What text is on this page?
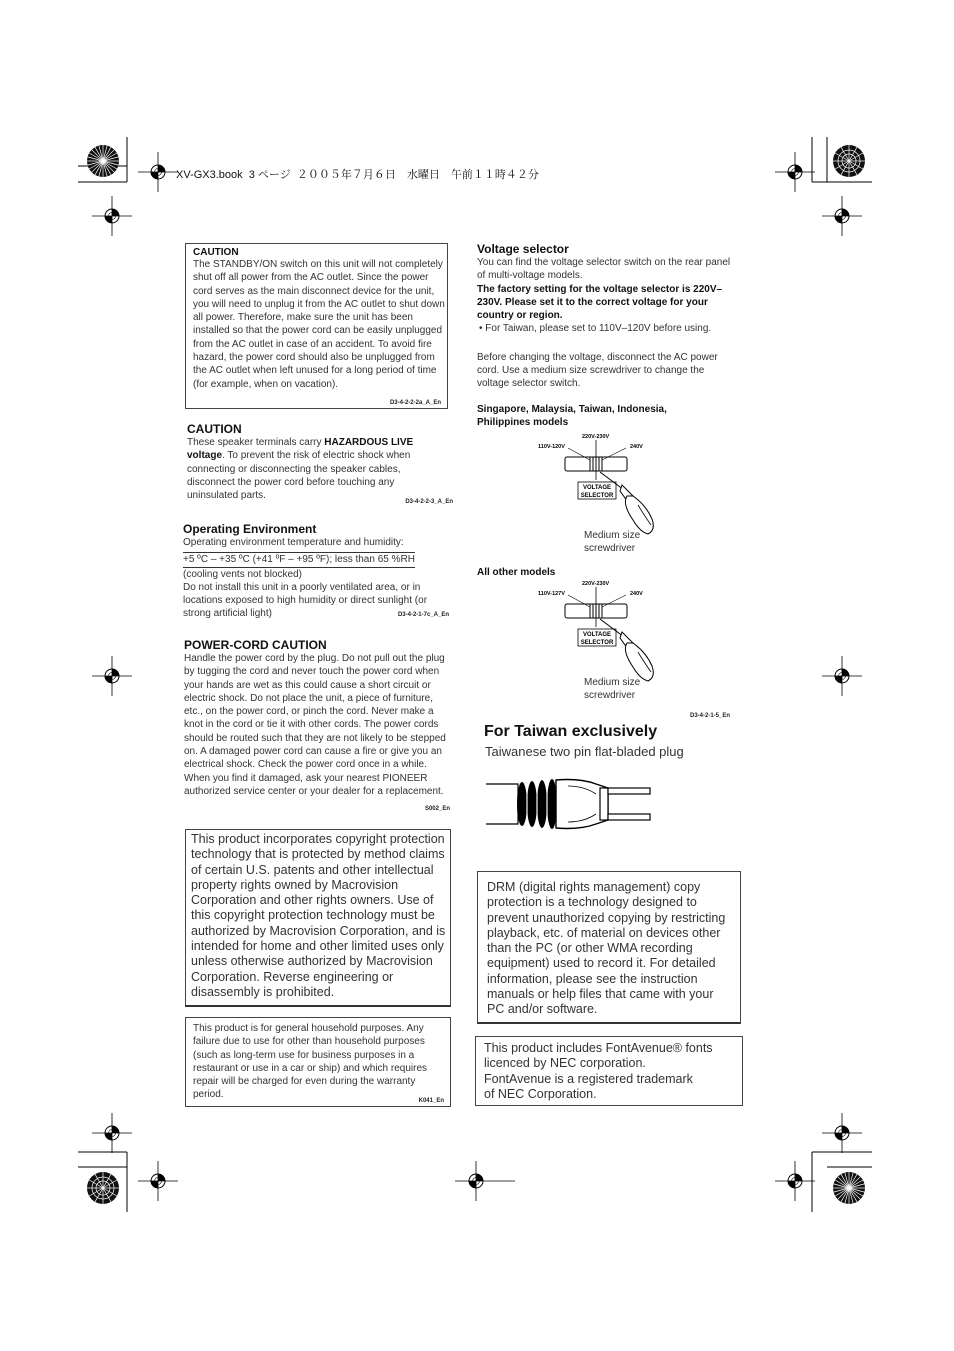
XV-GX3.book  3 ページ  ２００５年７月６日　水曜日　午前１１時４２分
CAUTION
The STANDBY/ON switch on this unit will not completely shut off all power from the AC outlet. Since the power cord serves as the main disconnect device for the unit, you will need to unplug it from the AC outlet to shut down all power. Therefore, make sure the unit has been installed so that the power cord can be easily unplugged from the AC outlet in case of an accident. To avoid fire hazard, the power cord should also be unplugged from the AC outlet when left unused for a long period of time (for example, when on vacation).
D3-4-2-2-2a_A_En
CAUTION
These speaker terminals carry HAZARDOUS LIVE voltage. To prevent the risk of electric shock when connecting or disconnecting the speaker cables, disconnect the power cord before touching any uninsulated parts.
D3-4-2-2-3_A_En
Operating Environment
Operating environment temperature and humidity:
+5 ºC – +35 ºC (+41 ºF – +95 ºF); less than 65 %RH
(cooling vents not blocked)
Do not install this unit in a poorly ventilated area, or in locations exposed to high humidity or direct sunlight (or strong artificial light)	D3-4-2-1-7c_A_En
POWER-CORD CAUTION
Handle the power cord by the plug. Do not pull out the plug by tugging the cord and never touch the power cord when your hands are wet as this could cause a short circuit or electric shock. Do not place the unit, a piece of furniture, etc., on the power cord, or pinch the cord. Never make a knot in the cord or tie it with other cords. The power cords should be routed such that they are not likely to be stepped on. A damaged power cord can cause a fire or give you an electrical shock. Check the power cord once in a while. When you find it damaged, ask your nearest PIONEER authorized service center or your dealer for a replacement.
S002_En
This product incorporates copyright protection technology that is protected by method claims of certain U.S. patents and other intellectual property rights owned by Macrovision Corporation and other rights owners. Use of this copyright protection technology must be authorized by Macrovision Corporation, and is intended for home and other limited uses only unless otherwise authorized by Macrovision Corporation. Reverse engineering or disassembly is prohibited.
This product is for general household purposes. Any failure due to use for other than household purposes (such as long-term use for business purposes in a restaurant or use in a car or ship) and which requires repair will be charged for even during the warranty period.
K041_En
Voltage selector
You can find the voltage selector switch on the rear panel of multi-voltage models.
The factory setting for the voltage selector is 220V–230V. Please set it to the correct voltage for your country or region.
• For Taiwan, please set to 110V–120V before using.
Before changing the voltage, disconnect the AC power cord. Use a medium size screwdriver to change the voltage selector switch.
Singapore, Malaysia, Taiwan, Indonesia, Philippines models
110V-120V
220V-230V
240V
VOLTAGE
SELECTOR
Medium size
screwdriver
All other models
110V-127V
220V-230V
240V
VOLTAGE
SELECTOR
Medium size
screwdriver
D3-4-2-1-5_En
For Taiwan exclusively
Taiwanese two pin flat-bladed plug
DRM (digital rights management) copy protection is a technology designed to prevent unauthorized copying by restricting playback, etc. of material on devices other than the PC (or other WMA recording equipment) used to record it. For detailed information, please see the instruction manuals or help files that came with your PC and/or software.
This product includes FontAvenue® fonts licenced by NEC corporation.
FontAvenue is a registered trademark
of NEC Corporation.
